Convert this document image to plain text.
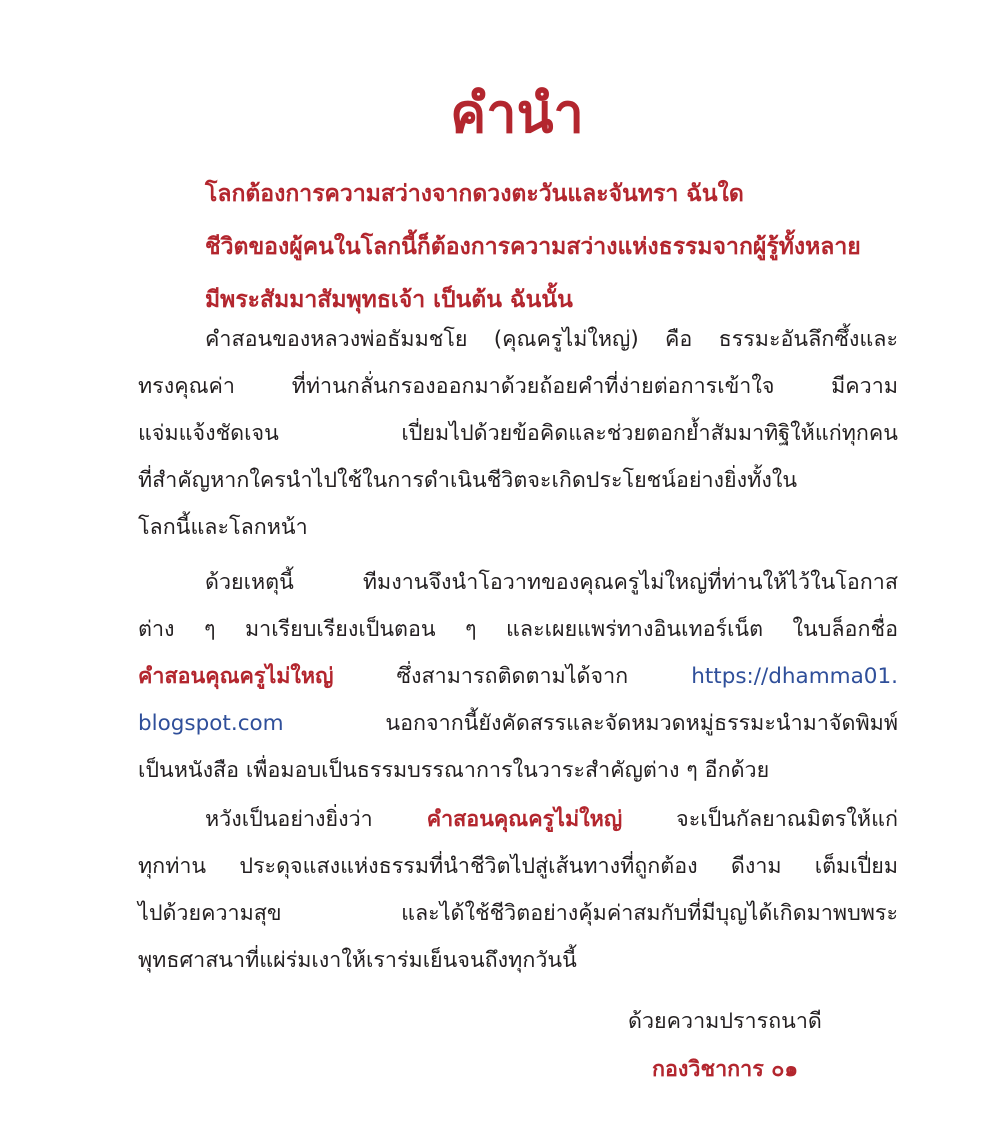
คำนำ

โลกต้องการความสว่างจากดวงตะวันและจันทรา ฉันใด
ชีวิตของผู้คนในโลกนี้ก็ต้องการความสว่างแห่งธรรมจากผู้รู้ทั้งหลาย
มีพระสัมมาสัมพุทธเจ้า เป็นต้น ฉันนั้น

คำสอนของหลวงพ่อธัมมชโย (คุณครูไม่ใหญ่) คือ ธรรมะอันลึกซึ้งและ
ทรงคุณค่า ที่ท่านกลั่นกรองออกมาด้วยถ้อยคำที่ง่ายต่อการเข้าใจ มีความ
แจ่มแจ้งชัดเจน เปี่ยมไปด้วยข้อคิดและช่วยตอกย้ำสัมมาทิฐิให้แก่ทุกคน
ที่สำคัญหากใครนำไปใช้ในการดำเนินชีวิตจะเกิดประโยชน์อย่างยิ่งทั้งใน
โลกนี้และโลกหน้า

ด้วยเหตุนี้ ทีมงานจึงนำโอวาทของคุณครูไม่ใหญ่ที่ท่านให้ไว้ในโอกาส
ต่าง ๆ มาเรียบเรียงเป็นตอน ๆ และเผยแพร่ทางอินเทอร์เน็ต ในบล็อกชื่อ
คำสอนคุณครูไม่ใหญ่	ซึ่งสามารถติดตามได้จาก	https://dhamma01.
blogspot.com	นอกจากนี้ยังคัดสรรและจัดหมวดหมู่ธรรมะนำมาจัดพิมพ์
เป็นหนังสือ เพื่อมอบเป็นธรรมบรรณาการในวาระสำคัญต่าง ๆ อีกด้วย

หวังเป็นอย่างยิ่งว่า	คำสอนคุณครูไม่ใหญ่	จะเป็นกัลยาณมิตรให้แก่
ทุกท่าน ประดุจแสงแห่งธรรมที่นำชีวิตไปสู่เส้นทางที่ถูกต้อง ดีงาม เต็มเปี่ยม
ไปด้วยความสุข และได้ใช้ชีวิตอย่างคุ้มค่าสมกับที่มีบุญได้เกิดมาพบพระ
พุทธศาสนาที่แผ่ร่มเงาให้เราร่มเย็นจนถึงทุกวันนี้

ด้วยความปรารถนาดี
กองวิชาการ ๐๑
